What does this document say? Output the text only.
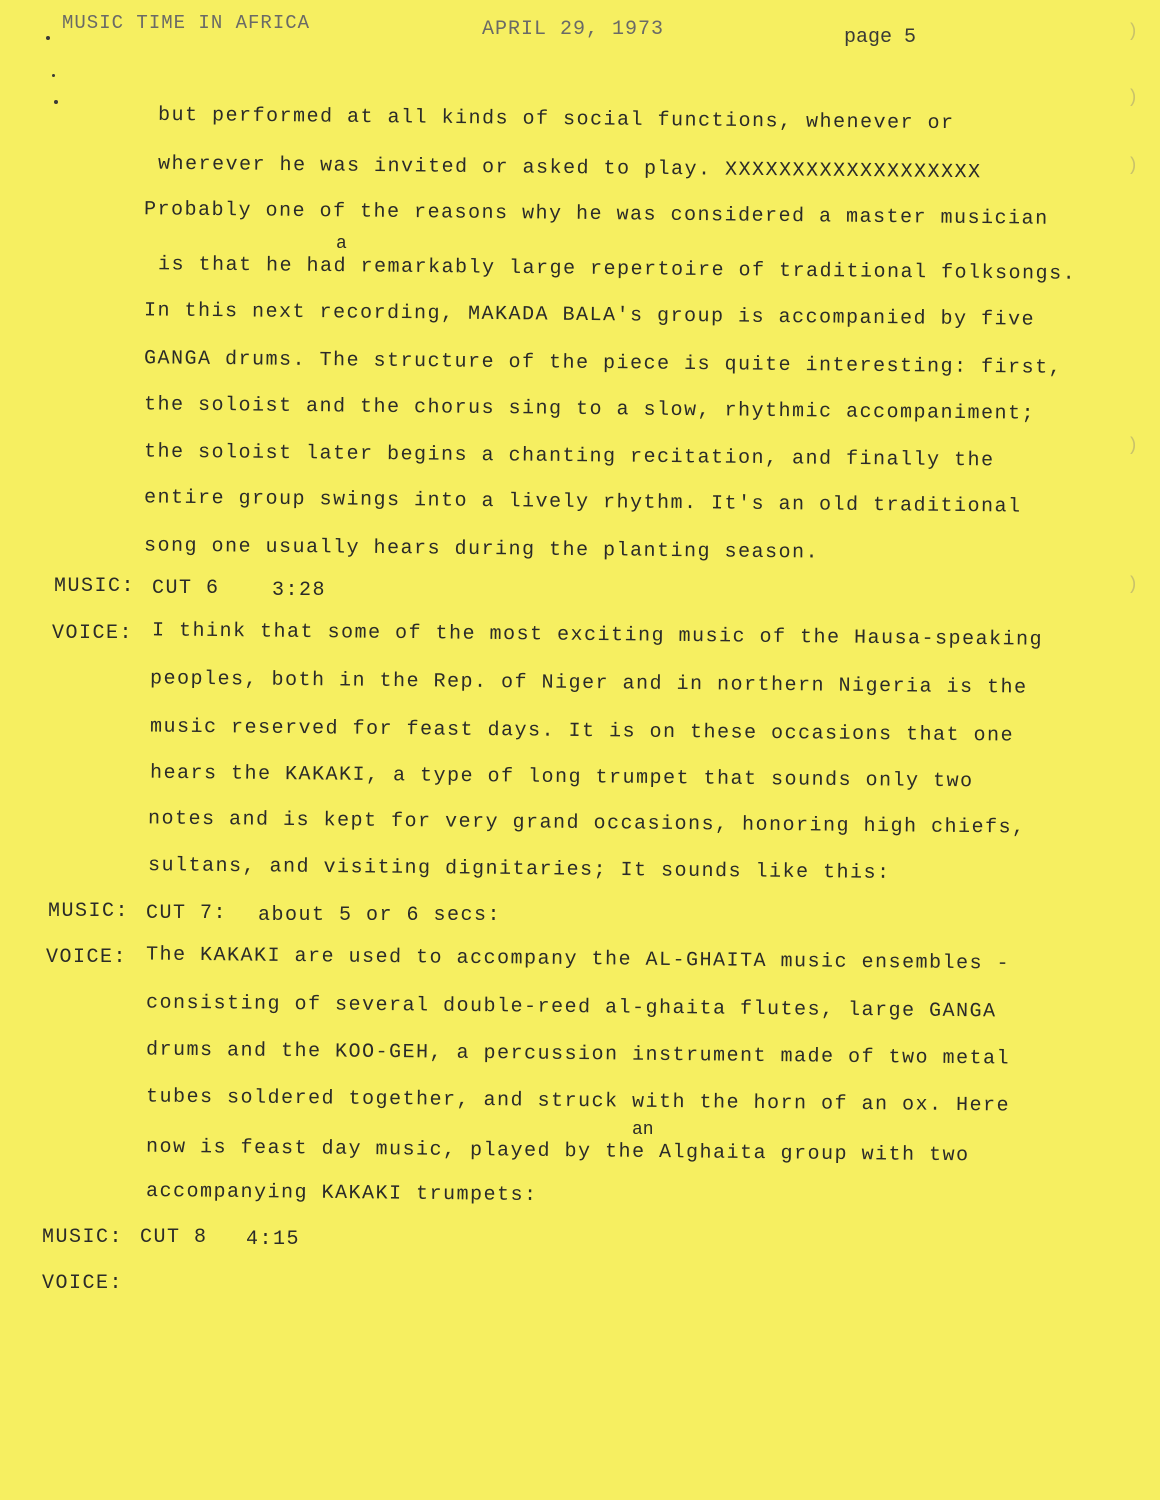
MUSIC TIME IN AFRICA	APRIL 29, 1973	page 5
but performed at all kinds of social functions, whenever or
wherever he was invited or asked to play. XXXXXXXXXXXXXXXXXXX
Probably one of the reasons why he was considered a master musician
a
is that he had remarkably large repertoire of traditional folksongs.
In this next recording, MAKADA BALA's group is accompanied by five
GANGA drums. The structure of the piece is quite interesting: first,
the soloist and the chorus sing to a slow, rhythmic accompaniment;
the soloist later begins a chanting recitation, and finally the
entire group swings into a lively rhythm. It's an old traditional
song one usually hears during the planting season.
MUSIC: CUT 6	3:28
VOICE: I think that some of the most exciting music of the Hausa-speaking
peoples, both in the Rep. of Niger and in northern Nigeria is the
music reserved for feast days. It is on these occasions that one
hears the KAKAKI, a type of long trumpet that sounds only two
notes and is kept for very grand occasions, honoring high chiefs,
sultans, and visiting dignitaries; It sounds like this:
MUSIC: CUT 7: about 5 or 6 secs:
VOICE: The KAKAKI are used to accompany the AL-GHAITA music ensembles -
consisting of several double-reed al-ghaita flutes, large GANGA
drums and the KOO-GEH, a percussion instrument made of two metal
tubes soldered together, and struck with the horn of an ox. Here
an
now is feast day music, played by the Alghaita group with two
accompanying KAKAKI trumpets:
MUSIC: CUT 8 4:15
VOICE:
)
)
)
)
)
